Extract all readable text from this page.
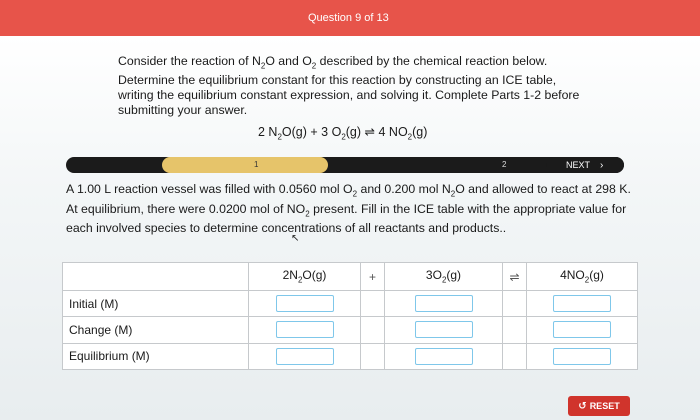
Question 9 of 13
Consider the reaction of $N_2O$ and $O_2$ described by the chemical reaction below. Determine the equilibrium constant for this reaction by constructing an ICE table, writing the equilibrium constant expression, and solving it. Complete Parts 1-2 before submitting your answer.
2 $N_2O(g) + 3$ $O_2(g)$ ⇌ 4 $NO_2(g)$
1	2	NEXT ›
A 1.00 L reaction vessel was filled with 0.0560 mol $O_2$ and 0.200 mol $N_2O$ and allowed to react at 298 K. At equilibrium, there were 0.0200 mol of $NO_2$ present. Fill in the ICE table with the appropriate value for each involved species to determine concentrations of all reactants and products..
↖
	$2N_2O(g)$	+	$3O_2(g)$	⇌	$4NO_2(g)$
Initial (M)					
Change (M)					
Equilibrium (M)					
↺ RESET
